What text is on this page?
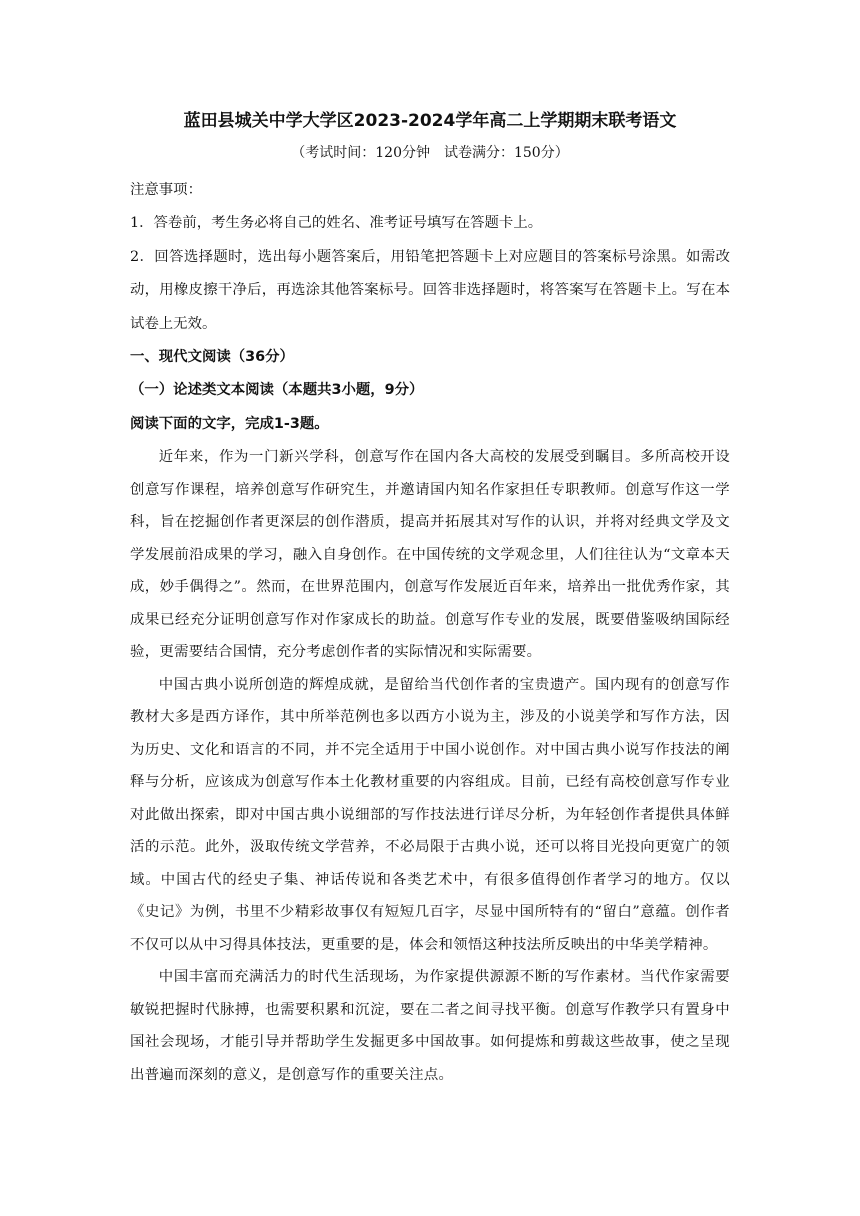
蓝田县城关中学大学区2023-2024学年高二上学期期末联考语文
（考试时间：120分钟　试卷满分：150分）
注意事项：
1．答卷前，考生务必将自己的姓名、准考证号填写在答题卡上。
2．回答选择题时，选出每小题答案后，用铅笔把答题卡上对应题目的答案标号涂黑。如需改动，用橡皮擦干净后，再选涂其他答案标号。回答非选择题时，将答案写在答题卡上。写在本试卷上无效。
一、现代文阅读（36分）
（一）论述类文本阅读（本题共3小题，9分）
阅读下面的文字，完成1-3题。
近年来，作为一门新兴学科，创意写作在国内各大高校的发展受到瞩目。多所高校开设创意写作课程，培养创意写作研究生，并邀请国内知名作家担任专职教师。创意写作这一学科，旨在挖掘创作者更深层的创作潜质，提高并拓展其对写作的认识，并将对经典文学及文学发展前沿成果的学习，融入自身创作。在中国传统的文学观念里，人们往往认为“文章本天成，妙手偶得之”。然而，在世界范围内，创意写作发展近百年来，培养出一批优秀作家，其成果已经充分证明创意写作对作家成长的助益。创意写作专业的发展，既要借鉴吸纳国际经验，更需要结合国情，充分考虑创作者的实际情况和实际需要。
中国古典小说所创造的辉煌成就，是留给当代创作者的宝贵遗产。国内现有的创意写作教材大多是西方译作，其中所举范例也多以西方小说为主，涉及的小说美学和写作方法，因为历史、文化和语言的不同，并不完全适用于中国小说创作。对中国古典小说写作技法的阐释与分析，应该成为创意写作本土化教材重要的内容组成。目前，已经有高校创意写作专业对此做出探索，即对中国古典小说细部的写作技法进行详尽分析，为年轻创作者提供具体鲜活的示范。此外，汲取传统文学营养，不必局限于古典小说，还可以将目光投向更宽广的领域。中国古代的经史子集、神话传说和各类艺术中，有很多值得创作者学习的地方。仅以《史记》为例，书里不少精彩故事仅有短短几百字，尽显中国所特有的“留白”意蕴。创作者不仅可以从中习得具体技法，更重要的是，体会和领悟这种技法所反映出的中华美学精神。
中国丰富而充满活力的时代生活现场，为作家提供源源不断的写作素材。当代作家需要敏锐把握时代脉搏，也需要积累和沉淀，要在二者之间寻找平衡。创意写作教学只有置身中国社会现场，才能引导并帮助学生发掘更多中国故事。如何提炼和剪裁这些故事，使之呈现出普遍而深刻的意义，是创意写作的重要关注点。
